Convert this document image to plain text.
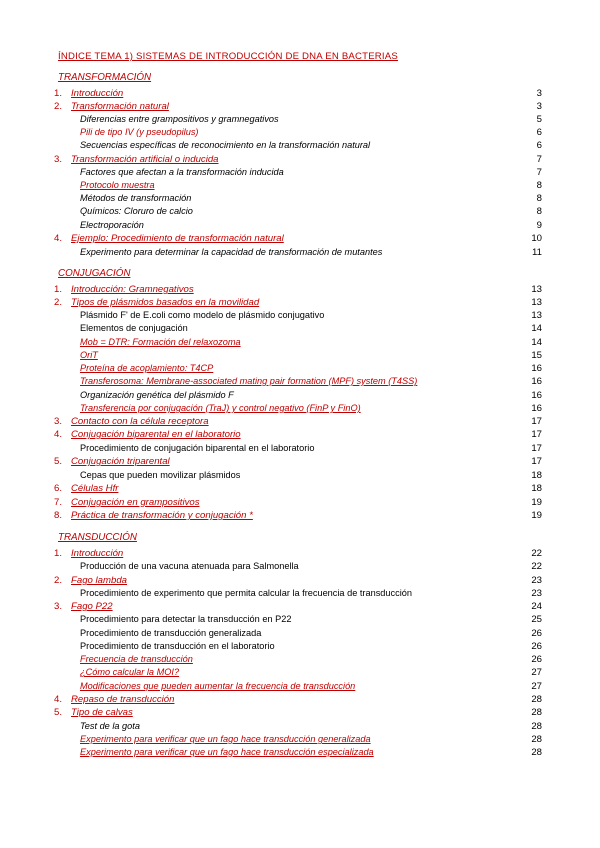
ÍNDICE TEMA 1) SISTEMAS DE INTRODUCCIÓN DE DNA EN BACTERIAS
TRANSFORMACIÓN
1. Introducción	3
2. Transformación natural	3
Diferencias entre grampositivos y gramnegativos	5
Pili de tipo IV (y pseudopilus)	6
Secuencias específicas de reconocimiento en la transformación natural	6
3. Transformación artificial o inducida	7
Factores que afectan a la transformación inducida	7
Protocolo muestra	8
Métodos de transformación	8
Químicos: Cloruro de calcio	8
Electroporación	9
4. Ejemplo: Procedimiento de transformación natural	10
Experimento para determinar la capacidad de transformación de mutantes	11
CONJUGACIÓN
1. Introducción: Gramnegativos	13
2. Tipos de plásmidos basados en la movilidad	13
Plásmido F' de E.coli como modelo de plásmido conjugativo	13
Elementos de conjugación	14
Mob = DTR: Formación del relaxozoma	14
OriT	15
Proteína de acoplamiento: T4CP	16
Transferosoma: Membrane-associated mating pair formation (MPF) system (T4SS)	16
Organización genética del plásmido F	16
Transferencia por conjugación (TraJ) y control negativo (FinP y FinO)	16
3. Contacto con la célula receptora	17
4. Conjugación biparental en el laboratorio	17
Procedimiento de conjugación biparental en el laboratorio	17
5. Conjugación triparental	17
Cepas que pueden movilizar plásmidos	18
6. Células Hfr	18
7. Conjugación en grampositivos	19
8. Práctica de transformación y conjugación *	19
TRANSDUCCIÓN
1. Introducción	22
Producción de una vacuna atenuada para Salmonella	22
2. Fago lambda	23
Procedimiento de experimento que permita calcular la frecuencia de transducción	23
3. Fago P22	24
Procedimiento para detectar la transducción en P22	25
Procedimiento de transducción generalizada	26
Procedimiento de transducción en el laboratorio	26
Frecuencia de transducción	26
¿Cómo calcular la MOI?	27
Modificaciones que pueden aumentar la frecuencia de transducción	27
4. Repaso de transducción	28
5. Tipo de calvas	28
Test de la gota	28
Experimento para verificar que un fago hace transducción generalizada	28
Experimento para verificar que un fago hace transducción especializada	28
